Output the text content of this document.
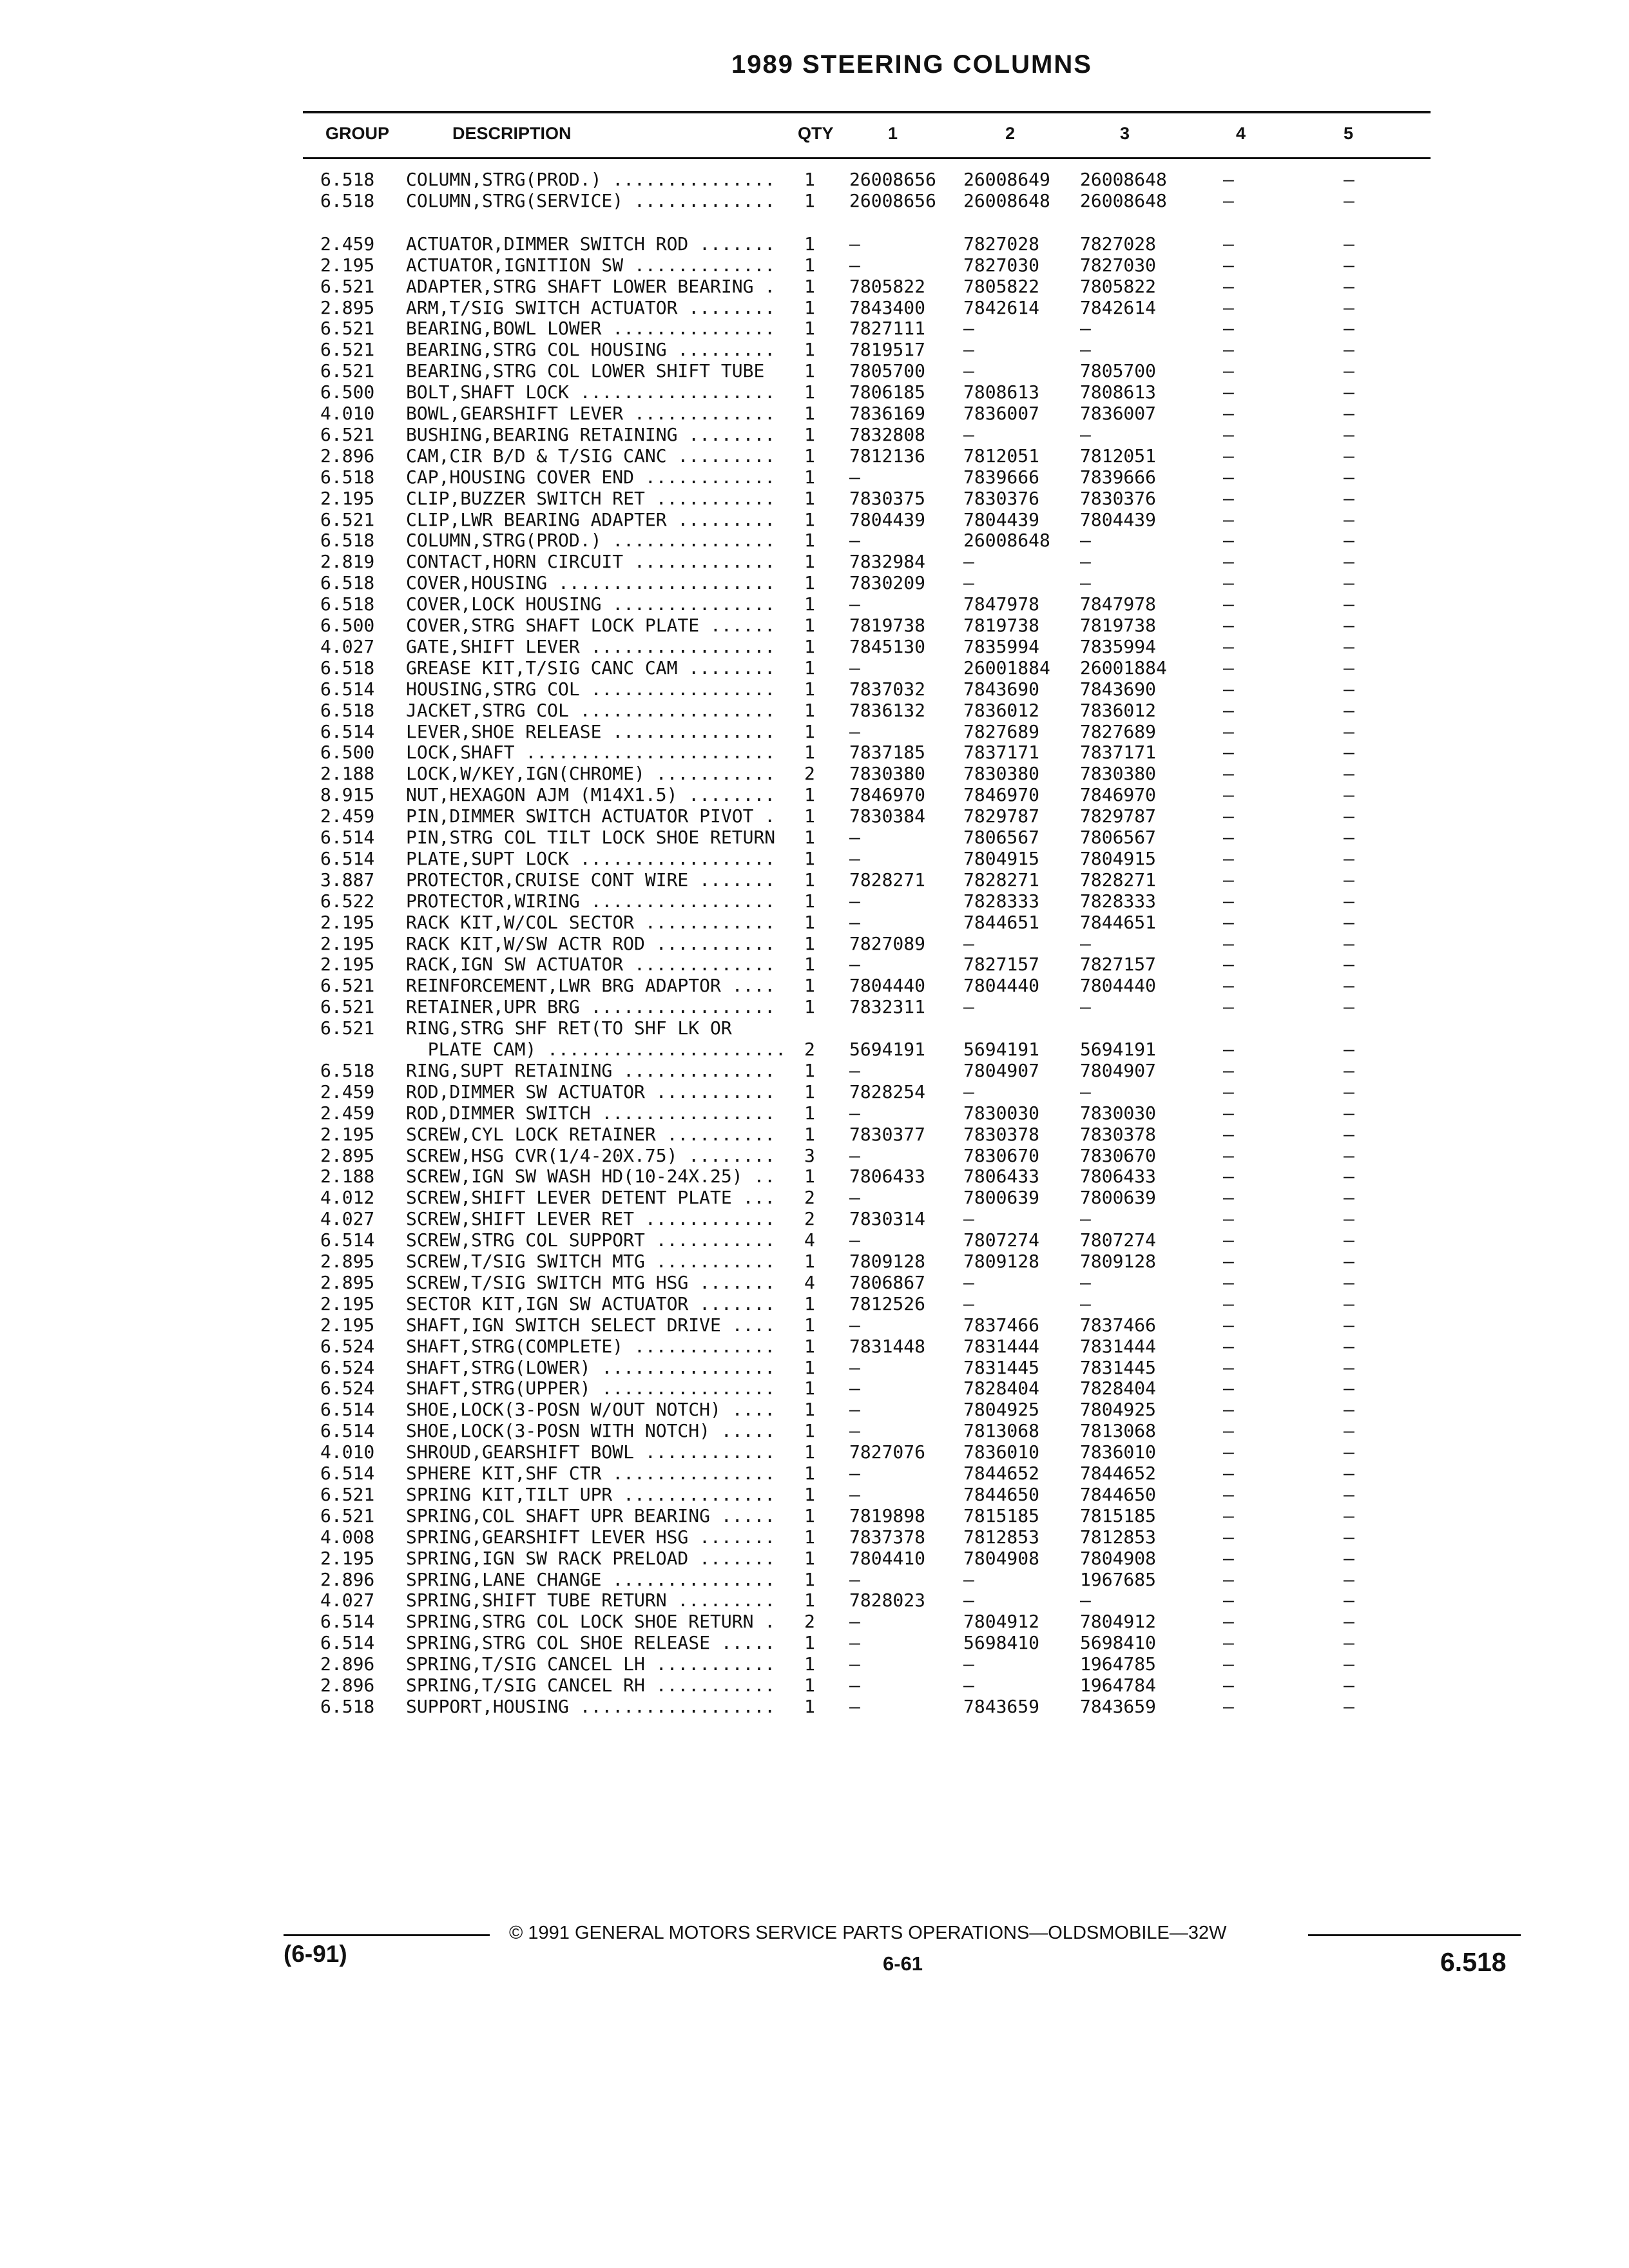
1989 STEERING COLUMNS
GROUP	DESCRIPTION	QTY	1	2	3	4	5
6.518 COLUMN,STRG(PROD.) ............... 1 26008656 26008649 26008648	—	—
6.518 COLUMN,STRG(SERVICE) ............. 1 26008656 26008648 26008648	—	—
2.459 ACTUATOR,DIMMER SWITCH ROD ....... 1 —	7827028 7827028	—	—
2.195 ACTUATOR,IGNITION SW ............. 1 —	7827030 7827030	—	—
6.521 ADAPTER,STRG SHAFT LOWER BEARING . 1 7805822 7805822 7805822	—	—
2.895 ARM,T/SIG SWITCH ACTUATOR ........ 1 7843400 7842614 7842614	—	—
6.521 BEARING,BOWL LOWER ............... 1 7827111 —	—	—	—
6.521 BEARING,STRG COL HOUSING ......... 1 7819517 —	—	—	—
6.521 BEARING,STRG COL LOWER SHIFT TUBE 1 7805700 —	7805700	—	—
6.500 BOLT,SHAFT LOCK .................. 1 7806185 7808613 7808613	—	—
4.010 BOWL,GEARSHIFT LEVER ............. 1 7836169 7836007 7836007	—	—
6.521 BUSHING,BEARING RETAINING ........ 1 7832808 —	—	—	—
2.896 CAM,CIR B/D & T/SIG CANC ......... 1 7812136 7812051 7812051	—	—
6.518 CAP,HOUSING COVER END ............ 1 —	7839666 7839666	—	—
2.195 CLIP,BUZZER SWITCH RET ........... 1 7830375 7830376 7830376	—	—
6.521 CLIP,LWR BEARING ADAPTER ......... 1 7804439 7804439 7804439	—	—
6.518 COLUMN,STRG(PROD.) ............... 1 —	26008648 —	—	—
2.819 CONTACT,HORN CIRCUIT ............. 1 7832984 —	—	—	—
6.518 COVER,HOUSING .................... 1 7830209 —	—	—	—
6.518 COVER,LOCK HOUSING ............... 1 —	7847978 7847978	—	—
6.500 COVER,STRG SHAFT LOCK PLATE ...... 1 7819738 7819738 7819738	—	—
4.027 GATE,SHIFT LEVER ................. 1 7845130 7835994 7835994	—	—
6.518 GREASE KIT,T/SIG CANC CAM ........ 1 —	26001884 26001884	—	—
6.514 HOUSING,STRG COL ................. 1 7837032 7843690 7843690	—	—
6.518 JACKET,STRG COL .................. 1 7836132 7836012 7836012	—	—
6.514 LEVER,SHOE RELEASE ............... 1 —	7827689 7827689	—	—
6.500 LOCK,SHAFT ....................... 1 7837185 7837171 7837171	—	—
2.188 LOCK,W/KEY,IGN(CHROME) ........... 2 7830380 7830380 7830380	—	—
8.915 NUT,HEXAGON AJM (M14X1.5) ........ 1 7846970 7846970 7846970	—	—
2.459 PIN,DIMMER SWITCH ACTUATOR PIVOT . 1 7830384 7829787 7829787	—	—
6.514 PIN,STRG COL TILT LOCK SHOE RETURN 1 —	7806567 7806567	—	—
6.514 PLATE,SUPT LOCK .................. 1 —	7804915 7804915	—	—
3.887 PROTECTOR,CRUISE CONT WIRE ....... 1 7828271 7828271 7828271	—	—
6.522 PROTECTOR,WIRING ................. 1 —	7828333 7828333	—	—
2.195 RACK KIT,W/COL SECTOR ............ 1 —	7844651 7844651	—	—
2.195 RACK KIT,W/SW ACTR ROD ........... 1 7827089 —	—	—	—
2.195 RACK,IGN SW ACTUATOR ............. 1 —	7827157 7827157	—	—
6.521 REINFORCEMENT,LWR BRG ADAPTOR .... 1 7804440 7804440 7804440	—	—
6.521 RETAINER,UPR BRG ................. 1 7832311 —	—	—	—
6.521 RING,STRG SHF RET(TO SHF LK OR
PLATE CAM) ...................... 2 5694191 5694191 5694191	—	—
6.518 RING,SUPT RETAINING .............. 1 —	7804907 7804907	—	—
2.459 ROD,DIMMER SW ACTUATOR ........... 1 7828254 —	—	—	—
2.459 ROD,DIMMER SWITCH ................ 1 —	7830030 7830030	—	—
2.195 SCREW,CYL LOCK RETAINER .......... 1 7830377 7830378 7830378	—	—
2.895 SCREW,HSG CVR(1/4-20X.75) ........ 3 —	7830670 7830670	—	—
2.188 SCREW,IGN SW WASH HD(10-24X.25) .. 1 7806433 7806433 7806433	—	—
4.012 SCREW,SHIFT LEVER DETENT PLATE ... 2 —	7800639 7800639	—	—
4.027 SCREW,SHIFT LEVER RET ............ 2 7830314 —	—	—	—
6.514 SCREW,STRG COL SUPPORT ........... 4 —	7807274 7807274	—	—
2.895 SCREW,T/SIG SWITCH MTG ........... 1 7809128 7809128 7809128	—	—
2.895 SCREW,T/SIG SWITCH MTG HSG ....... 4 7806867 —	—	—	—
2.195 SECTOR KIT,IGN SW ACTUATOR ....... 1 7812526 —	—	—	—
2.195 SHAFT,IGN SWITCH SELECT DRIVE .... 1 —	7837466 7837466	—	—
6.524 SHAFT,STRG(COMPLETE) ............. 1 7831448 7831444 7831444	—	—
6.524 SHAFT,STRG(LOWER) ................ 1 —	7831445 7831445	—	—
6.524 SHAFT,STRG(UPPER) ................ 1 —	7828404 7828404	—	—
6.514 SHOE,LOCK(3-POSN W/OUT NOTCH) .... 1 —	7804925 7804925	—	—
6.514 SHOE,LOCK(3-POSN WITH NOTCH) ..... 1 —	7813068 7813068	—	—
4.010 SHROUD,GEARSHIFT BOWL ............ 1 7827076 7836010 7836010	—	—
6.514 SPHERE KIT,SHF CTR ............... 1 —	7844652 7844652	—	—
6.521 SPRING KIT,TILT UPR .............. 1 —	7844650 7844650	—	—
6.521 SPRING,COL SHAFT UPR BEARING ..... 1 7819898 7815185 7815185	—	—
4.008 SPRING,GEARSHIFT LEVER HSG ....... 1 7837378 7812853 7812853	—	—
2.195 SPRING,IGN SW RACK PRELOAD ....... 1 7804410 7804908 7804908	—	—
2.896 SPRING,LANE CHANGE ............... 1 —	—	1967685	—	—
4.027 SPRING,SHIFT TUBE RETURN ......... 1 7828023 —	—	—	—
6.514 SPRING,STRG COL LOCK SHOE RETURN . 2 —	7804912 7804912	—	—
6.514 SPRING,STRG COL SHOE RELEASE ..... 1 —	5698410 5698410	—	—
2.896 SPRING,T/SIG CANCEL LH ........... 1 —	—	1964785	—	—
2.896 SPRING,T/SIG CANCEL RH ........... 1 —	—	1964784	—	—
6.518 SUPPORT,HOUSING .................. 1 —	7843659 7843659	—	—
© 1991 GENERAL MOTORS SERVICE PARTS OPERATIONS—OLDSMOBILE—32W
(6-91)	6-61	6.518
